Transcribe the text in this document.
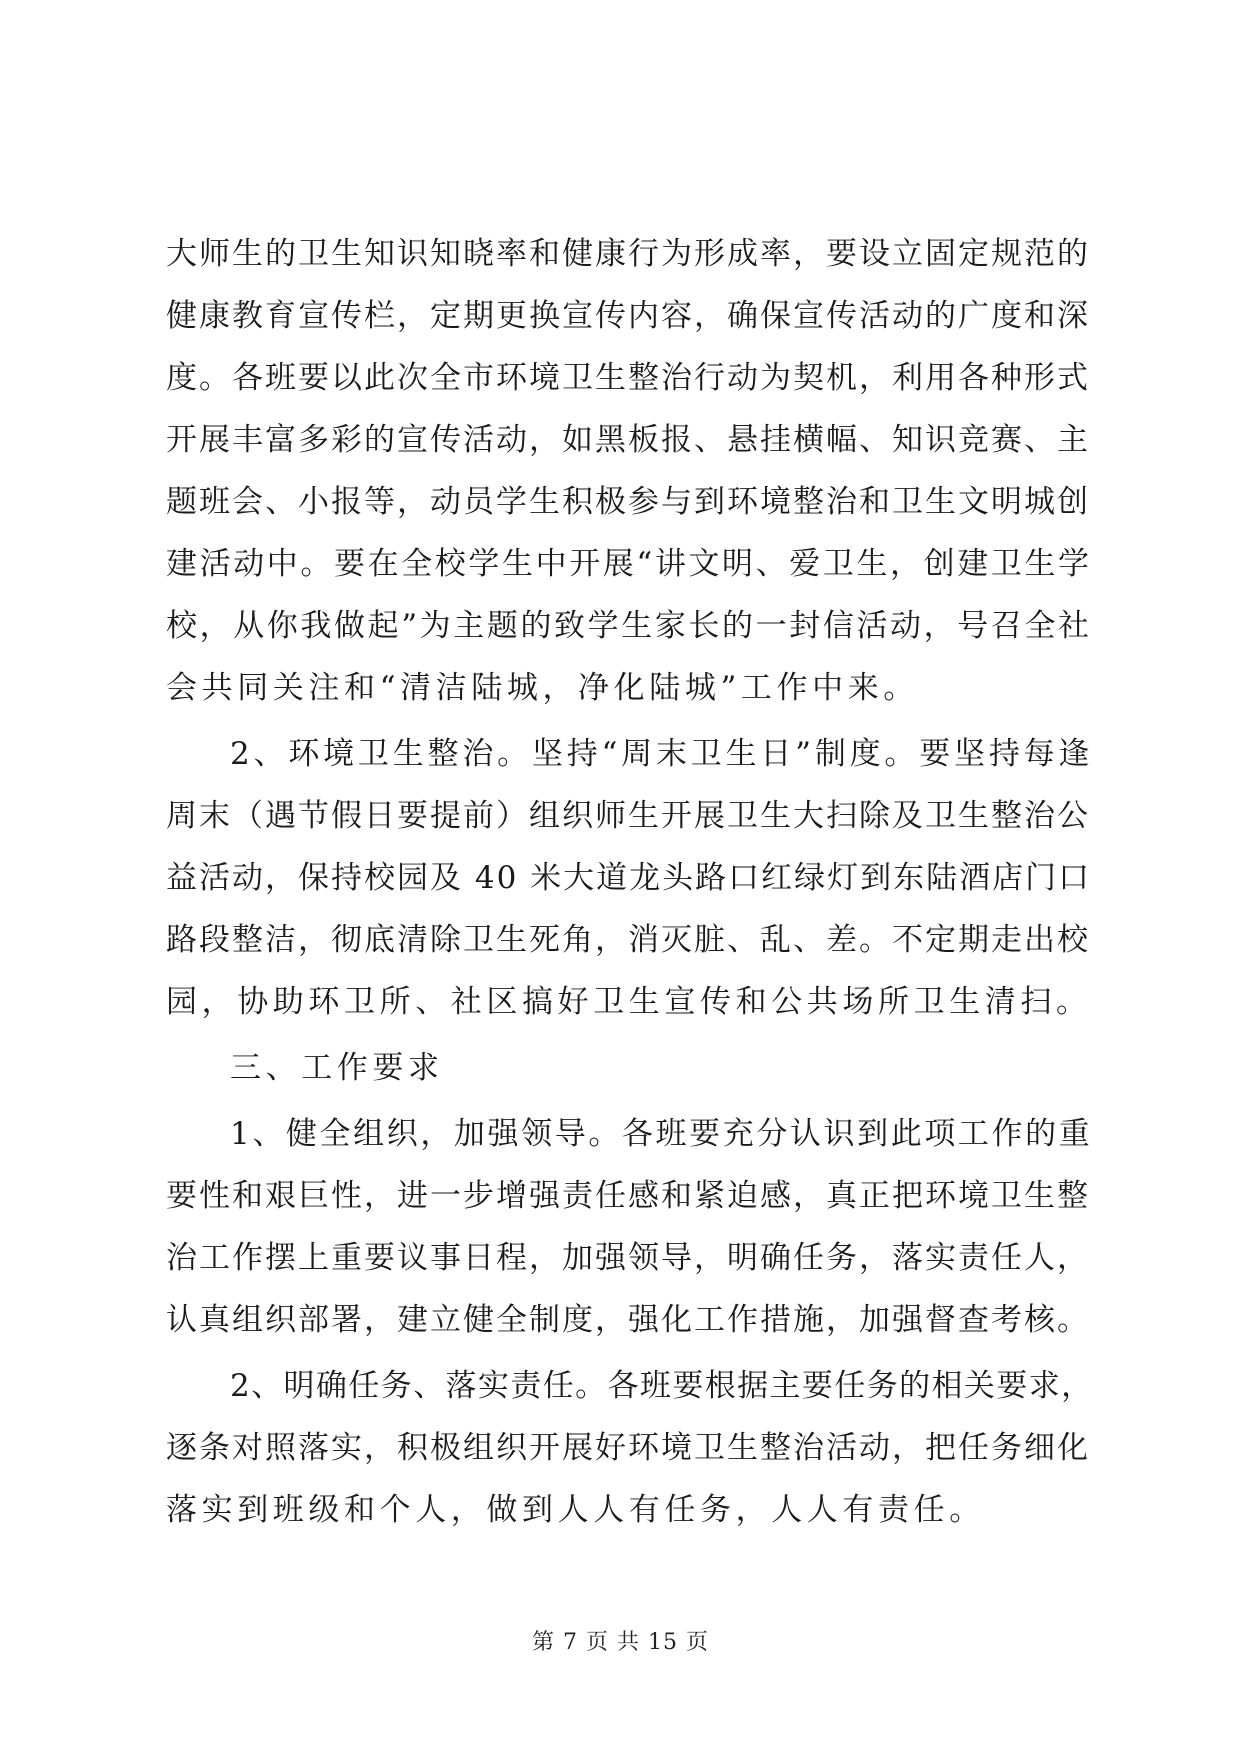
大师生的卫生知识知晓率和健康行为形成率，要设立固定规范的
健康教育宣传栏，定期更换宣传内容，确保宣传活动的广度和深
度。各班要以此次全市环境卫生整治行动为契机，利用各种形式
开展丰富多彩的宣传活动，如黑板报、悬挂横幅、知识竞赛、主
题班会、小报等，动员学生积极参与到环境整治和卫生文明城创
建活动中。要在全校学生中开展“讲文明、爱卫生，创建卫生学
校，从你我做起”为主题的致学生家长的一封信活动，号召全社
会共同关注和“清洁陆城，净化陆城”工作中来。
2、环境卫生整治。坚持“周末卫生日”制度。要坚持每逢
周末（遇节假日要提前）组织师生开展卫生大扫除及卫生整治公
益活动，保持校园及 40 米大道龙头路口红绿灯到东陆酒店门口
路段整洁，彻底清除卫生死角，消灭脏、乱、差。不定期走出校
园，协助环卫所、社区搞好卫生宣传和公共场所卫生清扫。
三、工作要求
1、健全组织，加强领导。各班要充分认识到此项工作的重
要性和艰巨性，进一步增强责任感和紧迫感，真正把环境卫生整
治工作摆上重要议事日程，加强领导，明确任务，落实责任人，
认真组织部署，建立健全制度，强化工作措施，加强督查考核。
2、明确任务、落实责任。各班要根据主要任务的相关要求，
逐条对照落实，积极组织开展好环境卫生整治活动，把任务细化
落实到班级和个人，做到人人有任务，人人有责任。
第 7 页 共 15 页
